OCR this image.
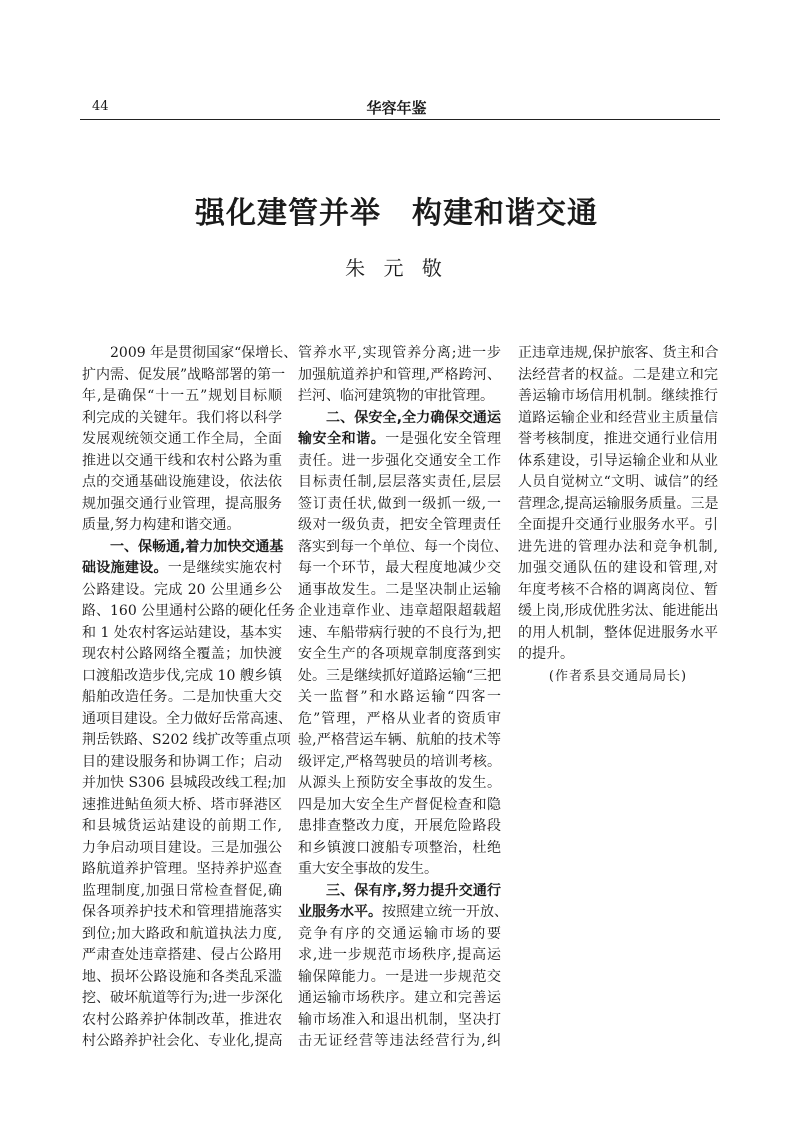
44	华容年鉴
强化建管并举　构建和谐交通
朱 元 敬
2009 年是贯彻国家“保增长、
扩内需、促发展”战略部署的第一
年,是确保“十一五”规划目标顺
利完成的关键年。我们将以科学
发展观统领交通工作全局，全面
推进以交通干线和农村公路为重
点的交通基础设施建设，依法依
规加强交通行业管理，提高服务
质量,努力构建和谐交通。
一、保畅通,着力加快交通基
础设施建设。一是继续实施农村
公路建设。完成 20 公里通乡公
路、160 公里通村公路的硬化任务
和 1 处农村客运站建设，基本实
现农村公路网络全覆盖；加快渡
口渡船改造步伐,完成 10 艘乡镇
船舶改造任务。二是加快重大交
通项目建设。全力做好岳常高速、
荆岳铁路、S202 线扩改等重点项
目的建设服务和协调工作；启动
并加快 S306 县城段改线工程;加
速推进鲇鱼须大桥、塔市驿港区
和县城货运站建设的前期工作,
力争启动项目建设。三是加强公
路航道养护管理。坚持养护巡查
监理制度,加强日常检查督促,确
保各项养护技术和管理措施落实
到位;加大路政和航道执法力度,
严肃查处违章搭建、侵占公路用
地、损坏公路设施和各类乱采滥
挖、破坏航道等行为;进一步深化
农村公路养护体制改革，推进农
村公路养护社会化、专业化,提高
管养水平,实现管养分离;进一步
加强航道养护和管理,严格跨河、
拦河、临河建筑物的审批管理。
二、保安全,全力确保交通运
输安全和谐。一是强化安全管理
责任。进一步强化交通安全工作
目标责任制,层层落实责任,层层
签订责任状,做到一级抓一级,一
级对一级负责，把安全管理责任
落实到每一个单位、每一个岗位、
每一个环节，最大程度地减少交
通事故发生。二是坚决制止运输
企业违章作业、违章超限超载超
速、车船带病行驶的不良行为,把
安全生产的各项规章制度落到实
处。三是继续抓好道路运输“三把
关一监督”和水路运输“四客一
危”管理，严格从业者的资质审
验,严格营运车辆、航舶的技术等
级评定,严格驾驶员的培训考核。
从源头上预防安全事故的发生。
四是加大安全生产督促检查和隐
患排查整改力度，开展危险路段
和乡镇渡口渡船专项整治，杜绝
重大安全事故的发生。
三、保有序,努力提升交通行
业服务水平。按照建立统一开放、
竞争有序的交通运输市场的要
求,进一步规范市场秩序,提高运
输保障能力。一是进一步规范交
通运输市场秩序。建立和完善运
输市场准入和退出机制，坚决打
击无证经营等违法经营行为,纠
正违章违规,保护旅客、货主和合
法经营者的权益。二是建立和完
善运输市场信用机制。继续推行
道路运输企业和经营业主质量信
誉考核制度，推进交通行业信用
体系建设，引导运输企业和从业
人员自觉树立“文明、诚信”的经
营理念,提高运输服务质量。三是
全面提升交通行业服务水平。引
进先进的管理办法和竞争机制,
加强交通队伍的建设和管理,对
年度考核不合格的调离岗位、暂
缓上岗,形成优胜劣汰、能进能出
的用人机制，整体促进服务水平
的提升。
(作者系县交通局局长)
